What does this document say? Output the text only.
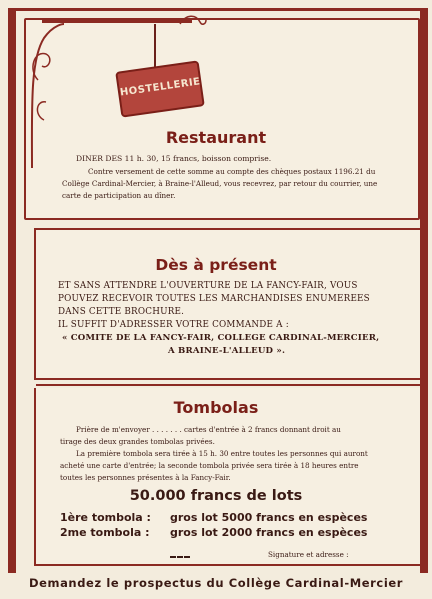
HOSTELLERIE
Restaurant
DINER DES 11 h. 30, 15 francs, boisson comprise.
Contre versement de cette somme au compte des chèques postaux 1196.21 du
Collège Cardinal-Mercier, à Braine-l'Alleud, vous recevrez, par retour du courrier, une
carte de participation au dîner.
Dès à présent
ET SANS ATTENDRE L'OUVERTURE DE LA FANCY-FAIR, VOUS
POUVEZ RECEVOIR TOUTES LES MARCHANDISES ENUMEREES
DANS CETTE BROCHURE.
IL SUFFIT D'ADRESSER VOTRE COMMANDE A :
« COMITE DE LA FANCY-FAIR, COLLEGE CARDINAL-MERCIER,
A BRAINE-L'ALLEUD ».
Tombolas
Prière de m'envoyer . . . . . . . cartes d'entrée à 2 francs donnant droit au
tirage des deux grandes tombolas privées.
La première tombola sera tirée à 15 h. 30 entre toutes les personnes qui auront
acheté une carte d'entrée; la seconde tombola privée sera tirée à 18 heures entre
toutes les personnes présentes à la Fancy-Fair.
50.000 francs de lots
1ère tombola : gros lot 5000 francs en espèces
2me tombola : gros lot 2000 francs en espèces
Signature et adresse :
Demandez le prospectus du Collège Cardinal-Mercier
